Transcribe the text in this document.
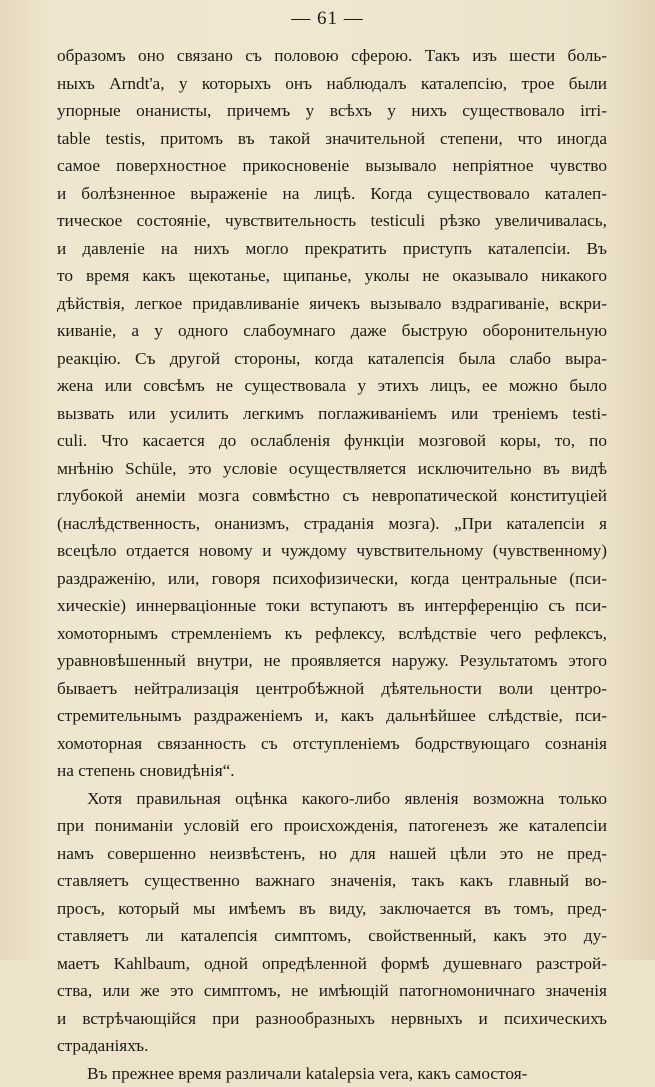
— 61 —
образомъ оно связано съ половою сферою. Такъ изъ шести боль-
ныхъ Arndt'a, у которыхъ онъ наблюдалъ каталепсію, трое были
упорные онанисты, причемъ у всѣхъ у нихъ существовало irri-
table testis, притомъ въ такой значительной степени, что иногда
самое поверхностное прикосновеніе вызывало непріятное чувство
и болѣзненное выраженіе на лицѣ. Когда существовало каталеп-
тическое состояніе, чувствительность testiculi рѣзко увеличивалась,
и давленіе на нихъ могло прекратить приступъ каталепсіи. Въ
то время какъ щекотанье, щипанье, уколы не оказывало никакого
дѣйствія, легкое придавливаніе яичекъ вызывало вздрагиваніе, вскри-
киваніе, а у одного слабоумнаго даже быструю оборонительную
реакцію. Съ другой стороны, когда каталепсія была слабо выра-
жена или совсѣмъ не существовала у этихъ лицъ, ее можно было
вызвать или усилить легкимъ поглаживаніемъ или треніемъ testi-
culi. Что касается до ослабленія функціи мозговой коры, то, по
мнѣнію Schüle, это условіе осуществляется исключительно въ видѣ
глубокой анеміи мозга совмѣстно съ невропатической конституціей
(наслѣдственность, онанизмъ, страданія мозга). „При каталепсіи я
всецѣло отдается новому и чуждому чувствительному (чувственному)
раздраженію, или, говоря психофизически, когда центральные (пси-
хическіе) иннерваціонные токи вступаютъ въ интерференцію съ пси-
хомоторнымъ стремленіемъ къ рефлексу, вслѣдствіе чего рефлексъ,
уравновѣшенный внутри, не проявляется наружу. Результатомъ этого
бываетъ нейтрализація центробѣжной дѣятельности воли центро-
стремительнымъ раздраженіемъ и, какъ дальнѣйшее слѣдствіе, пси-
хомоторная связанность съ отступленіемъ бодрствующаго сознанія
на степень сновидѣнія“.
Хотя правильная оцѣнка какого-либо явленія возможна только
при пониманіи условій его происхожденія, патогенезъ же каталепсіи
намъ совершенно неизвѣстенъ, но для нашей цѣли это не пред-
ставляетъ существенно важнаго значенія, такъ какъ главный во-
просъ, который мы имѣемъ въ виду, заключается въ томъ, пред-
ставляетъ ли каталепсія симптомъ, свойственный, какъ это ду-
маетъ Kahlbaum, одной опредѣленной формѣ душевнаго разстрой-
ства, или же это симптомъ, не имѣющій патогномоничнаго значенія
и встрѣчающійся при разнообразныхъ нервныхъ и психическихъ
страданіяхъ.
Въ прежнее время различали katalepsia vera, какъ самостоя-
